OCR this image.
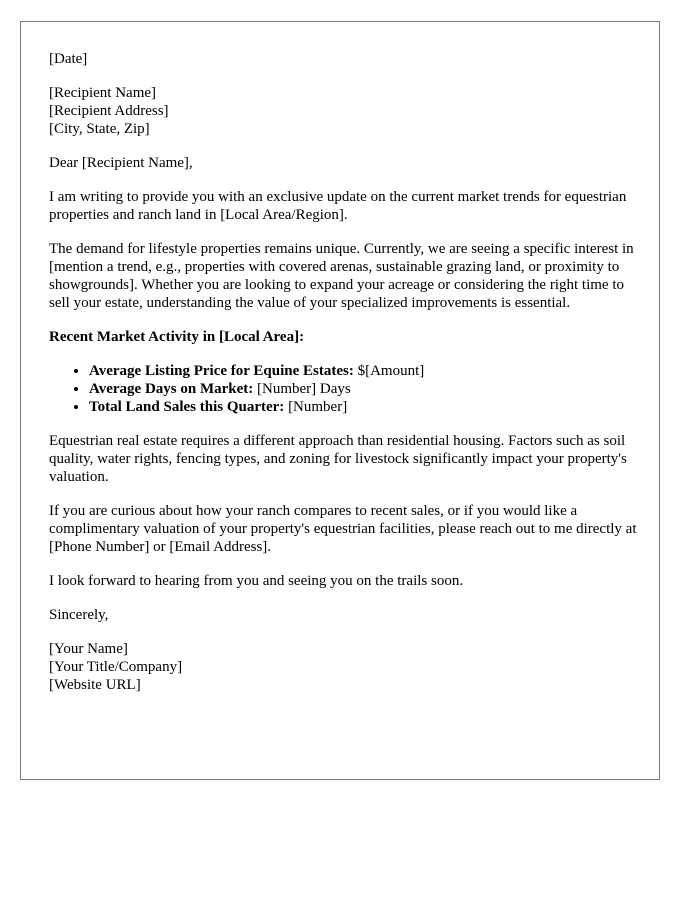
[Date]

[Recipient Name]
[Recipient Address]
[City, State, Zip]

Dear [Recipient Name],

I am writing to provide you with an exclusive update on the current market trends for equestrian properties and ranch land in [Local Area/Region].

The demand for lifestyle properties remains unique. Currently, we are seeing a specific interest in [mention a trend, e.g., properties with covered arenas, sustainable grazing land, or proximity to showgrounds]. Whether you are looking to expand your acreage or considering the right time to sell your estate, understanding the value of your specialized improvements is essential.

Recent Market Activity in [Local Area]:

• Average Listing Price for Equine Estates: $[Amount]
• Average Days on Market: [Number] Days
• Total Land Sales this Quarter: [Number]

Equestrian real estate requires a different approach than residential housing. Factors such as soil quality, water rights, fencing types, and zoning for livestock significantly impact your property's valuation.

If you are curious about how your ranch compares to recent sales, or if you would like a complimentary valuation of your property's equestrian facilities, please reach out to me directly at [Phone Number] or [Email Address].

I look forward to hearing from you and seeing you on the trails soon.

Sincerely,

[Your Name]
[Your Title/Company]
[Website URL]
